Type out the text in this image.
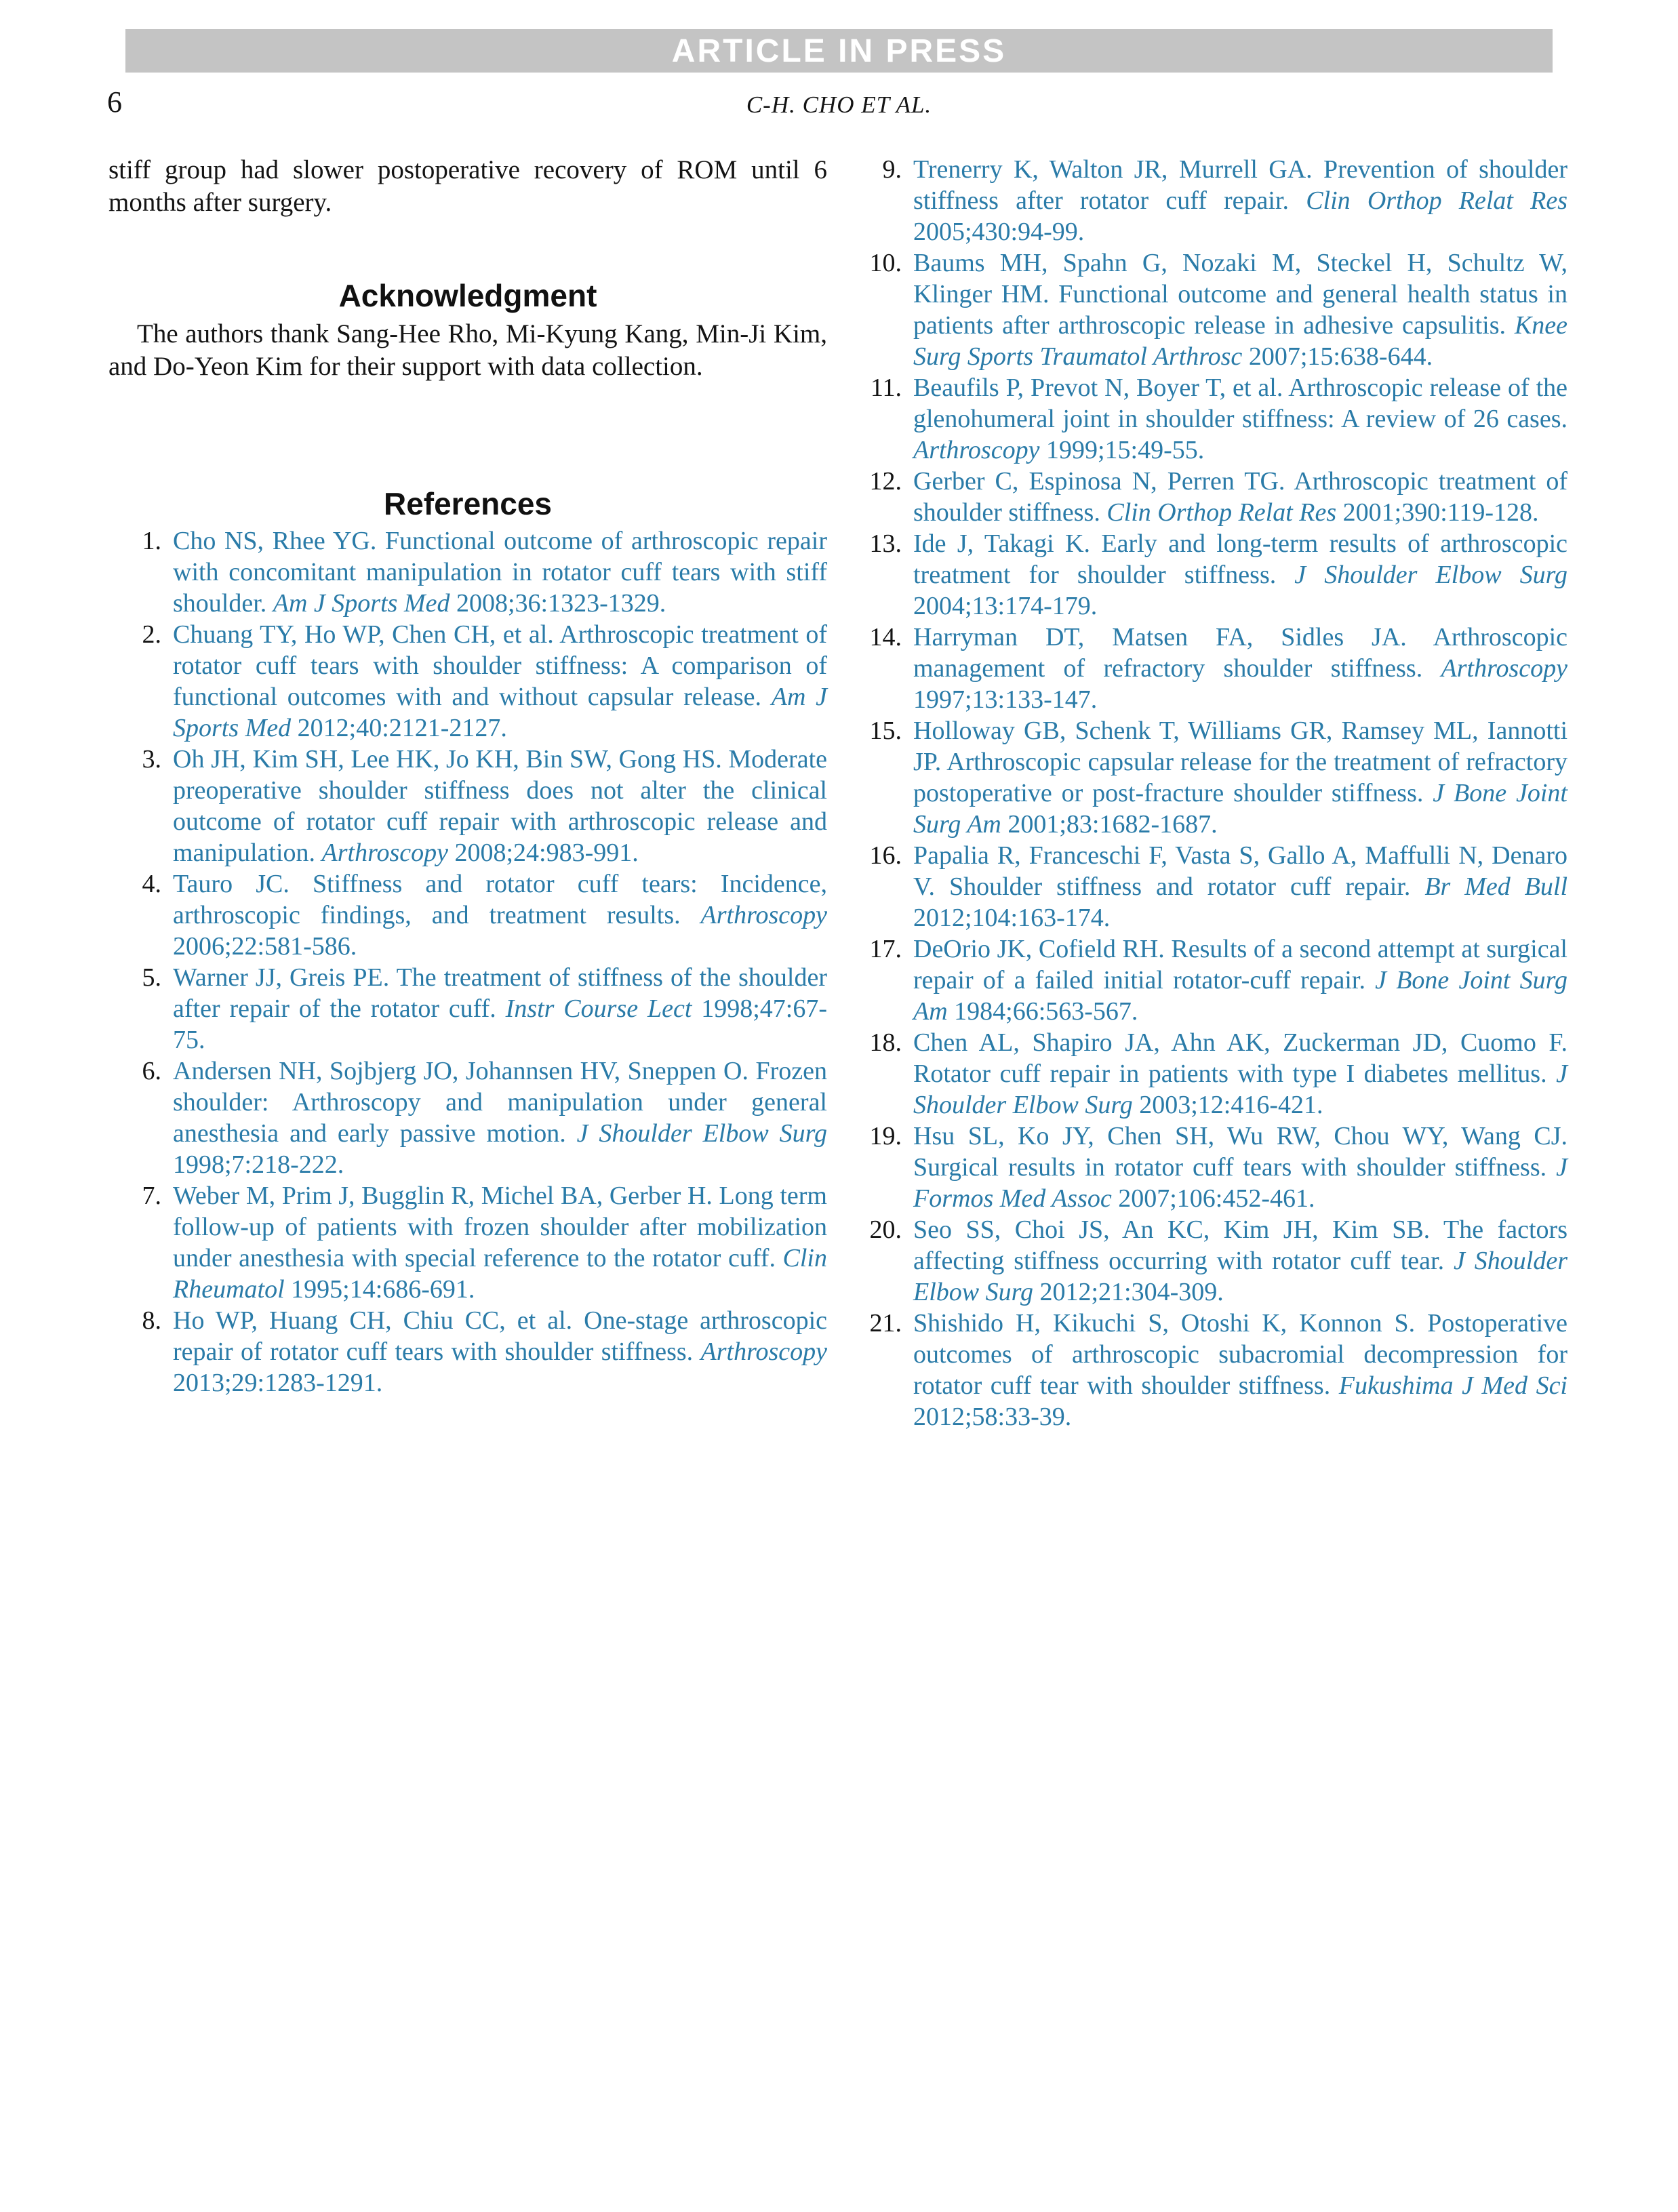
ARTICLE IN PRESS
6	C-H. CHO ET AL.

stiff group had slower postoperative recovery of ROM until 6 months after surgery.

Acknowledgment

The authors thank Sang-Hee Rho, Mi-Kyung Kang, Min-Ji Kim, and Do-Yeon Kim for their support with data collection.

References
1. Cho NS, Rhee YG. Functional outcome of arthroscopic repair with concomitant manipulation in rotator cuff tears with stiff shoulder. Am J Sports Med 2008;36:1323-1329.
2. Chuang TY, Ho WP, Chen CH, et al. Arthroscopic treatment of rotator cuff tears with shoulder stiffness: A comparison of functional outcomes with and without capsular release. Am J Sports Med 2012;40:2121-2127.
3. Oh JH, Kim SH, Lee HK, Jo KH, Bin SW, Gong HS. Moderate preoperative shoulder stiffness does not alter the clinical outcome of rotator cuff repair with arthroscopic release and manipulation. Arthroscopy 2008;24:983-991.
4. Tauro JC. Stiffness and rotator cuff tears: Incidence, arthroscopic findings, and treatment results. Arthroscopy 2006;22:581-586.
5. Warner JJ, Greis PE. The treatment of stiffness of the shoulder after repair of the rotator cuff. Instr Course Lect 1998;47:67-75.
6. Andersen NH, Sojbjerg JO, Johannsen HV, Sneppen O. Frozen shoulder: Arthroscopy and manipulation under general anesthesia and early passive motion. J Shoulder Elbow Surg 1998;7:218-222.
7. Weber M, Prim J, Bugglin R, Michel BA, Gerber H. Long term follow-up of patients with frozen shoulder after mobilization under anesthesia with special reference to the rotator cuff. Clin Rheumatol 1995;14:686-691.
8. Ho WP, Huang CH, Chiu CC, et al. One-stage arthroscopic repair of rotator cuff tears with shoulder stiffness. Arthroscopy 2013;29:1283-1291.
9. Trenerry K, Walton JR, Murrell GA. Prevention of shoulder stiffness after rotator cuff repair. Clin Orthop Relat Res 2005;430:94-99.
10. Baums MH, Spahn G, Nozaki M, Steckel H, Schultz W, Klinger HM. Functional outcome and general health status in patients after arthroscopic release in adhesive capsulitis. Knee Surg Sports Traumatol Arthrosc 2007;15:638-644.
11. Beaufils P, Prevot N, Boyer T, et al. Arthroscopic release of the glenohumeral joint in shoulder stiffness: A review of 26 cases. Arthroscopy 1999;15:49-55.
12. Gerber C, Espinosa N, Perren TG. Arthroscopic treatment of shoulder stiffness. Clin Orthop Relat Res 2001;390:119-128.
13. Ide J, Takagi K. Early and long-term results of arthroscopic treatment for shoulder stiffness. J Shoulder Elbow Surg 2004;13:174-179.
14. Harryman DT, Matsen FA, Sidles JA. Arthroscopic management of refractory shoulder stiffness. Arthroscopy 1997;13:133-147.
15. Holloway GB, Schenk T, Williams GR, Ramsey ML, Iannotti JP. Arthroscopic capsular release for the treatment of refractory postoperative or post-fracture shoulder stiffness. J Bone Joint Surg Am 2001;83:1682-1687.
16. Papalia R, Franceschi F, Vasta S, Gallo A, Maffulli N, Denaro V. Shoulder stiffness and rotator cuff repair. Br Med Bull 2012;104:163-174.
17. DeOrio JK, Cofield RH. Results of a second attempt at surgical repair of a failed initial rotator-cuff repair. J Bone Joint Surg Am 1984;66:563-567.
18. Chen AL, Shapiro JA, Ahn AK, Zuckerman JD, Cuomo F. Rotator cuff repair in patients with type I diabetes mellitus. J Shoulder Elbow Surg 2003;12:416-421.
19. Hsu SL, Ko JY, Chen SH, Wu RW, Chou WY, Wang CJ. Surgical results in rotator cuff tears with shoulder stiffness. J Formos Med Assoc 2007;106:452-461.
20. Seo SS, Choi JS, An KC, Kim JH, Kim SB. The factors affecting stiffness occurring with rotator cuff tear. J Shoulder Elbow Surg 2012;21:304-309.
21. Shishido H, Kikuchi S, Otoshi K, Konnon S. Postoperative outcomes of arthroscopic subacromial decompression for rotator cuff tear with shoulder stiffness. Fukushima J Med Sci 2012;58:33-39.
